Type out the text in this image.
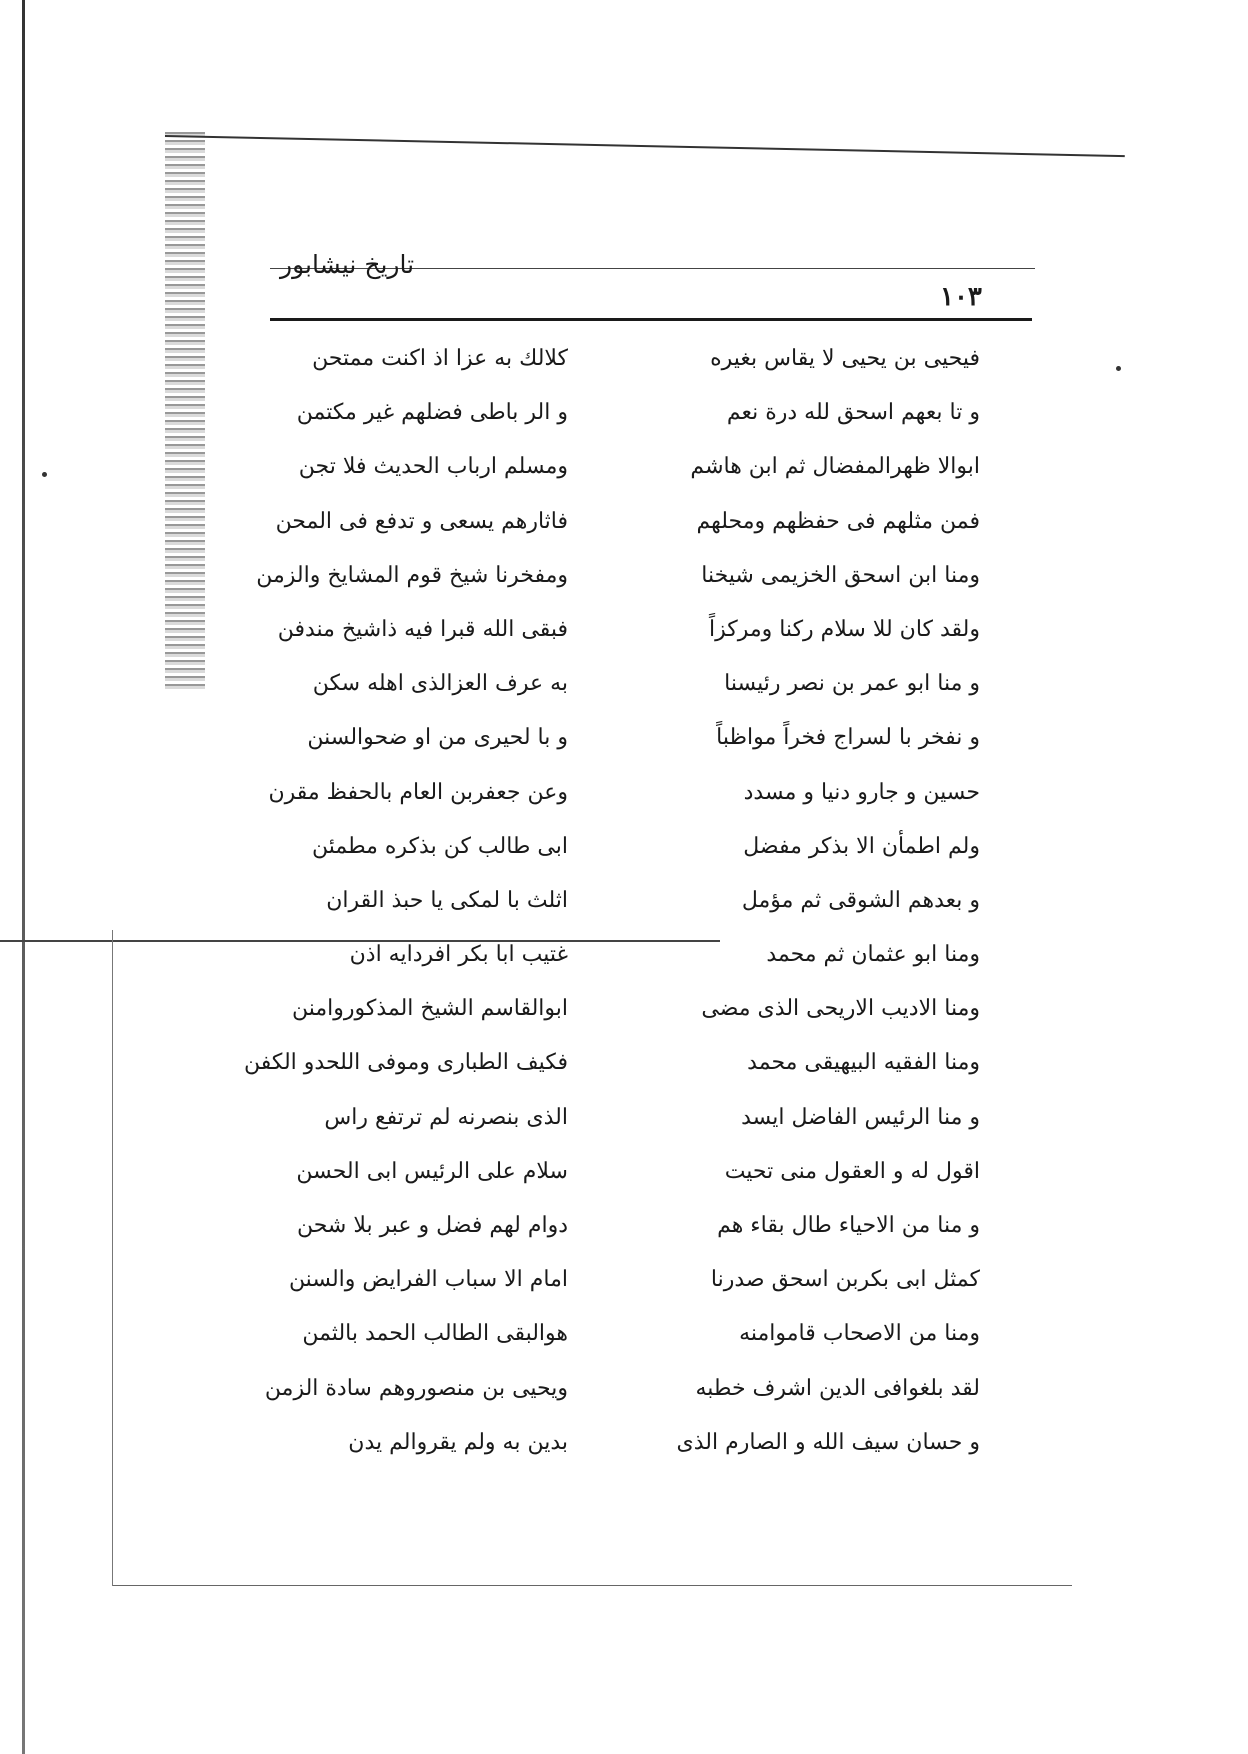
تاريخ نيشابور
١٠٣
فيحيى بن يحيى لا يقاس بغيره
و تا بعهم اسحق لله درة نعم
ابوالا ظهرالمفضال ثم ابن هاشم
فمن مثلهم فى حفظهم ومحلهم
ومنا ابن اسحق الخزيمى شيخنا
ولقد كان للا سلام ركنا ومركزاً
و منا ابو عمر بن نصر رئيسنا
و نفخر با لسراج فخراً مواظباً
حسين و جارو دنيا و مسدد
ولم اطمأن الا بذكر مفضل
و بعدهم الشوقى ثم مؤمل
ومنا ابو عثمان ثم محمد
ومنا الاديب الاريحى الذى مضى
ومنا الفقيه البيهيقى محمد
و منا الرئيس الفاضل ايسد
اقول له و العقول منى تحيت
و منا من الاحياء طال بقاء هم
كمثل ابى بكربن اسحق صدرنا
ومنا من الاصحاب قاموامنه
لقد بلغوافى الدين اشرف خطبه
و حسان سيف الله و الصارم الذى
كلالك به عزا اذ اكنت ممتحن
و الر باطى فضلهم غير مكتمن
ومسلم ارباب الحديث فلا تجن
فاثارهم يسعى و تدفع فى المحن
ومفخرنا شيخ قوم المشايخ والزمن
فبقى الله قبرا فيه ذاشيخ مندفن
به عرف العزالذى اهله سكن
و با لحيرى من او ضحوالسنن
وعن جعفربن العام بالحفظ مقرن
ابى طالب كن بذكره مطمئن
اثلث با لمكى يا حبذ القران
غتيب ابا بكر افردايه اذن
ابوالقاسم الشيخ المذكوروامنن
فكيف الطبارى وموفى اللحدو الكفن
الذى بنصرنه لم ترتفع راس
سلام على الرئيس ابى الحسن
دوام لهم فضل و عبر بلا شحن
امام الا سباب الفرايض والسنن
هوالبقى الطالب الحمد بالثمن
ويحيى بن منصوروهم سادة الزمن
بدين به ولم يقروالم يدن
